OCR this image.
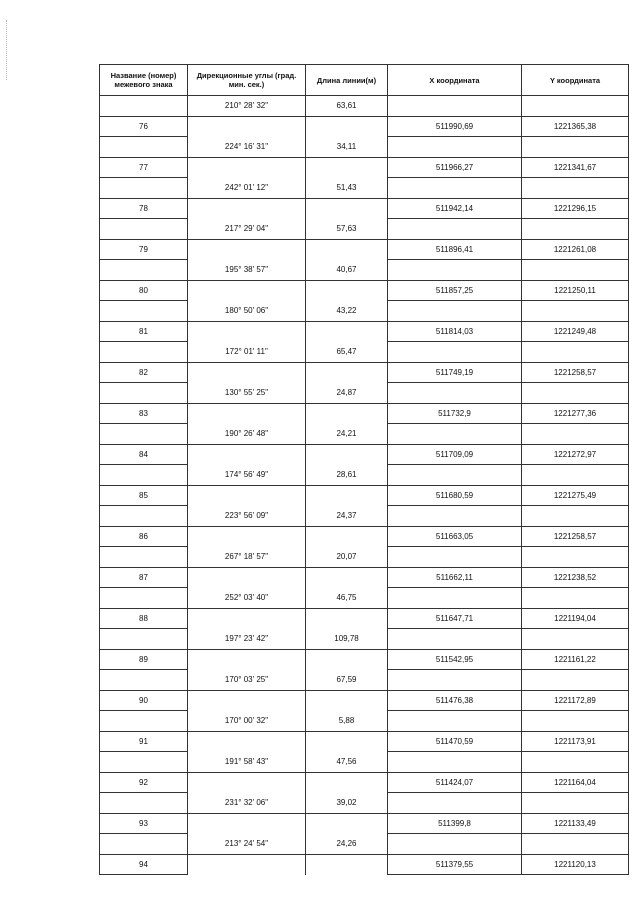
Название (номер) межевого знака	Дирекционные углы (град. мин. сек.)	Длина линии(м)	X координата	Y координата
	210° 28' 32"	63,61		
76			511990,69	1221365,38
	224° 16' 31"	34,11		
77			511966,27	1221341,67
	242° 01' 12"	51,43		
78			511942,14	1221296,15
	217° 29' 04"	57,63		
79			511896,41	1221261,08
	195° 38' 57"	40,67		
80			511857,25	1221250,11
	180° 50' 06"	43,22		
81			511814,03	1221249,48
	172° 01' 11"	65,47		
82			511749,19	1221258,57
	130° 55' 25"	24,87		
83			511732,9	1221277,36
	190° 26' 48"	24,21		
84			511709,09	1221272,97
	174° 56' 49"	28,61		
85			511680,59	1221275,49
	223° 56' 09"	24,37		
86			511663,05	1221258,57
	267° 18' 57"	20,07		
87			511662,11	1221238,52
	252° 03' 40"	46,75		
88			511647,71	1221194,04
	197° 23' 42"	109,78		
89			511542,95	1221161,22
	170° 03' 25"	67,59		
90			511476,38	1221172,89
	170° 00' 32"	5,88		
91			511470,59	1221173,91
	191° 58' 43"	47,56		
92			511424,07	1221164,04
	231° 32' 06"	39,02		
93			511399,8	1221133,49
	213° 24' 54"	24,26		
94			511379,55	1221120,13
